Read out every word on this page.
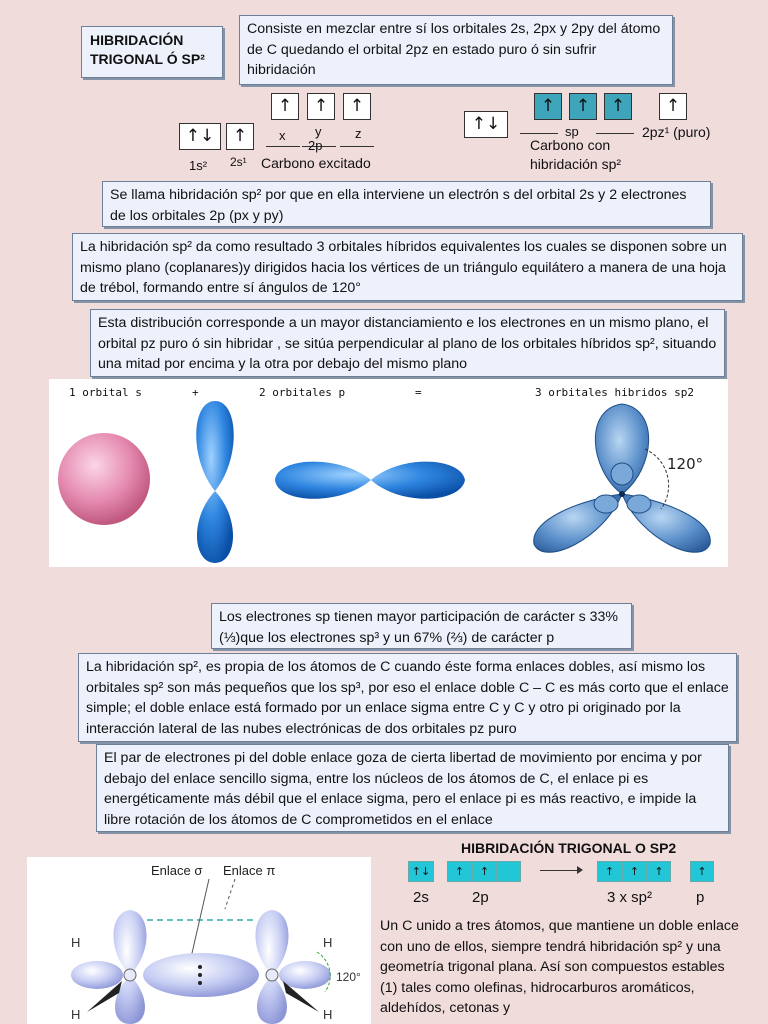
HIBRIDACIÓN
TRIGONAL Ó SP²
Consiste en mezclar entre sí los orbitales 2s, 2px y 2py del átomo de C quedando el orbital 2pz en estado puro ó sin sufrir hibridación
↑↓	↑
↑	↑	↑
x y	z
2p
1s² 2s¹ Carbono excitado
↑↓
↑	↑	↑	↑
sp	2pz¹ (puro)
Carbono con hibridación sp²
Se llama hibridación sp² por que en ella interviene un electrón s del orbital 2s y 2 electrones de los orbitales 2p (px y py)
La hibridación sp² da como resultado 3 orbitales híbridos equivalentes los cuales se disponen sobre un mismo plano (coplanares)y dirigidos hacia los vértices de un triángulo equilátero a manera de una hoja de trébol, formando entre sí ángulos de 120°
Esta distribución corresponde a un mayor distanciamiento e los electrones en un mismo plano, el orbital pz puro ó sin hibridar , se sitúa perpendicular al plano de los orbitales híbridos sp², situando una mitad por encima y la otra por debajo del mismo plano
1 orbital s	+	2 orbitales p	=	3 orbitales hibridos sp2
120°
Los electrones sp tienen mayor participación de carácter s 33% (⅓)que los electrones sp³ y un 67% (⅔) de carácter p
La hibridación sp², es propia de los átomos de C cuando éste forma enlaces dobles, así mismo los orbitales sp² son más pequeños que los sp³, por eso el enlace doble C – C es más corto que el enlace simple; el doble enlace está formado por un enlace sigma entre C y C y otro pi originado por la interacción lateral de las nubes electrónicas de dos orbitales pz puro
El par de electrones pi del doble enlace goza de cierta libertad de movimiento por encima y por debajo del enlace sencillo sigma, entre los núcleos de los átomos de C, el enlace pi es energéticamente más débil que el enlace sigma, pero el enlace pi es más reactivo, e impide la libre rotación de los átomos de C comprometidos en el enlace
Enlace σ Enlace π
H	H
H	H
120°
HIBRIDACIÓN TRIGONAL O SP2
↑↓	↑	↑	↑	↑	↑	↑
2s	2p	3 x sp²	p
Un C unido a tres átomos, que mantiene un doble enlace con uno de ellos, siempre tendrá hibridación sp² y una geometría trigonal plana. Así son compuestos estables (1) tales como olefinas, hidrocarburos aromáticos, aldehídos, cetonas y
